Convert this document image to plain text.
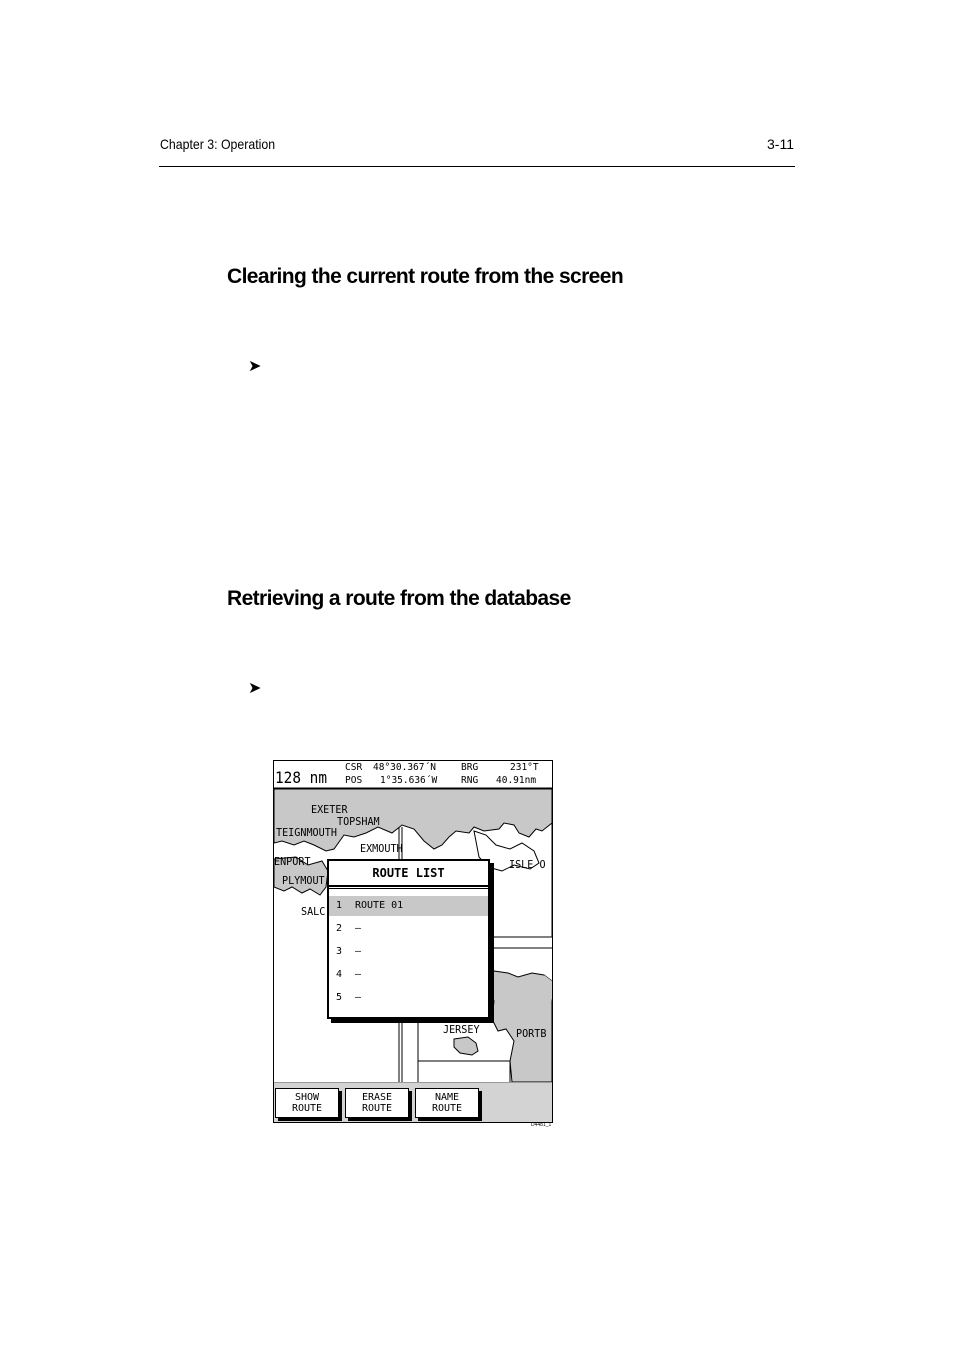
Chapter 3: Operation	3-11
Clearing the current route from the screen
➤
Retrieving a route from the database
➤
128 nm
CSR 48°30.367´N	BRG	231°T
POS 1°35.636´W RNG 40.91nm
EXETER
TOPSHAM
TEIGNMOUTH
EXMOUTH
ENPORT
PLYMOUT
SALC
ISLE O
JERSEY	PORTB
ROUTE LIST
1 ROUTE 01
2 –
3 –
4 –
5 –
SHOW
ROUTE
ERASE
ROUTE
NAME
ROUTE
D4481_1
